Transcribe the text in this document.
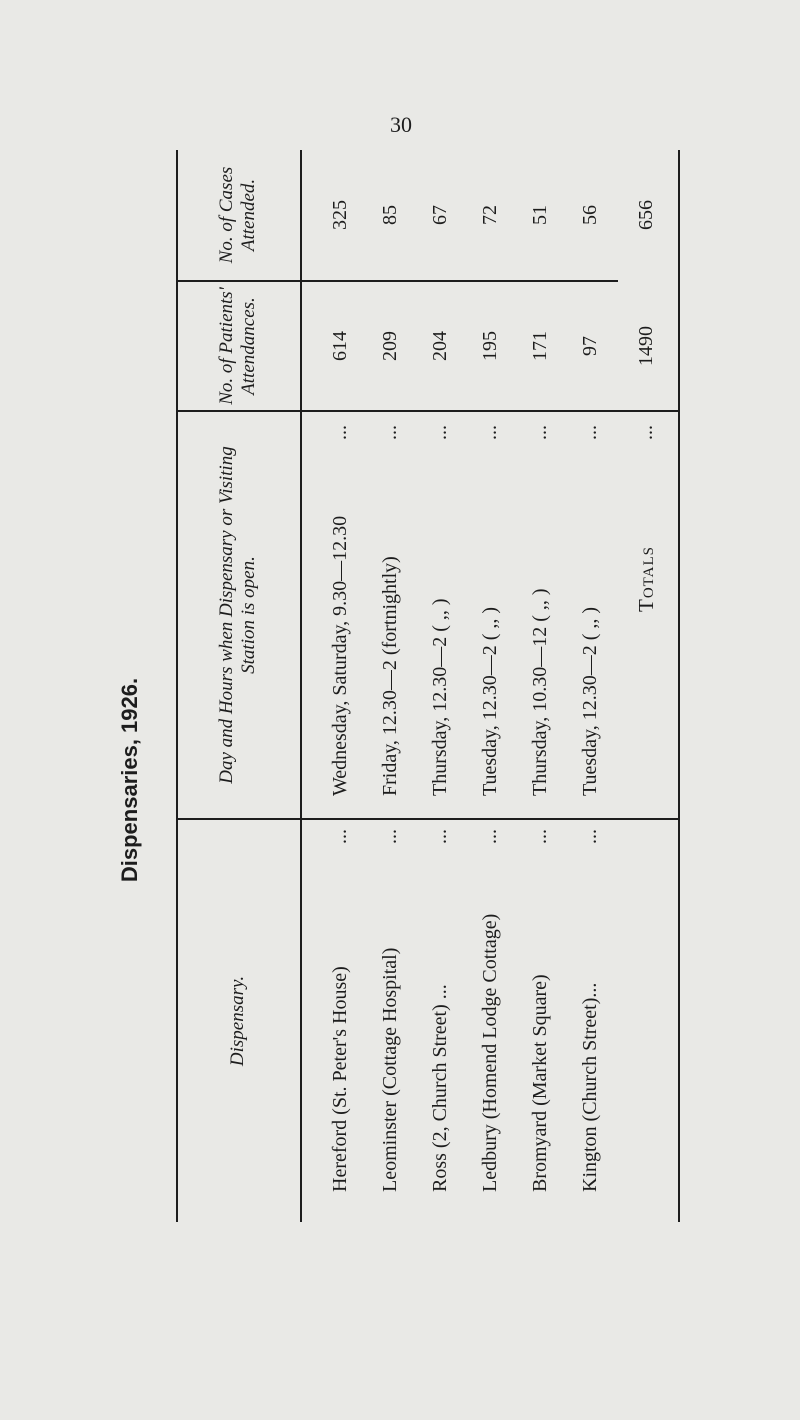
30
Dispensaries, 1926.
Dispensary.
Day and Hours when Dispensary or Visiting Station is open.
No. of Patients' Attendances.
No. of Cases Attended.
Hereford (St. Peter's House)
...
Wednesday, Saturday, 9.30—12.30
...
614
325
Leominster (Cottage Hospital)
...
Friday, 12.30—2 (fortnightly)
...
209
85
Ross (2, Church Street) ...
...
Thursday, 12.30—2 ( ,, )
...
204
67
Ledbury (Homend Lodge Cottage)
...
Tuesday, 12.30—2 ( ,, )
...
195
72
Bromyard (Market Square)
...
Thursday, 10.30—12 ( ,, )
...
171
51
Kington (Church Street)...
...
Tuesday, 12.30—2 ( ,, )
...
97
56
Totals
...
1490
656
